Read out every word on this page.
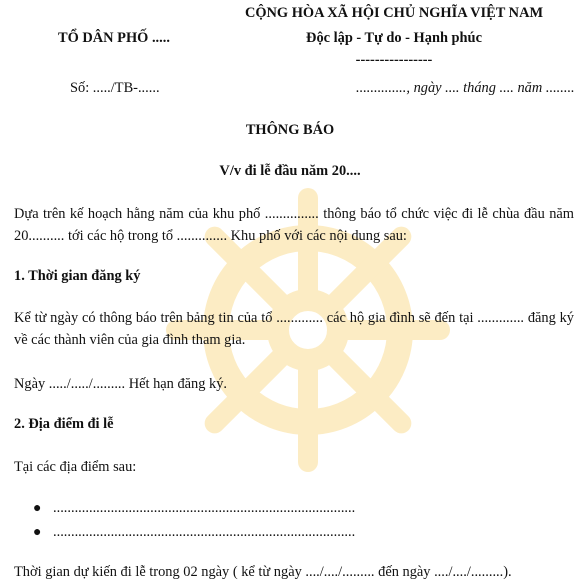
TỔ DÂN PHỐ .....
Số: ...../TB-......
CỘNG HÒA XÃ HỘI CHỦ NGHĨA VIỆT NAM
Độc lập - Tự do - Hạnh phúc
----------------
.............., ngày .... tháng .... năm ........
THÔNG BÁO
V/v đi lễ đầu năm 20....
Dựa trên kế hoạch hằng năm của khu phố ............... thông báo tổ chức việc đi lễ chùa đầu năm 20.......... tới các hộ trong tổ .............. Khu phố với các nội dung sau:
1. Thời gian đăng ký
Kể từ ngày có thông báo trên bảng tin của tổ ............. các hộ gia đình sẽ đến tại ............. đăng ký về các thành viên của gia đình tham gia.
Ngày ...../...../......... Hết hạn đăng ký.
2. Địa điểm đi lễ
Tại các địa điểm sau:
● ....................................................................................
● ....................................................................................
Thời gian dự kiến đi lễ trong 02 ngày ( kể từ ngày ..../..../......... đến ngày ..../..../.........).
